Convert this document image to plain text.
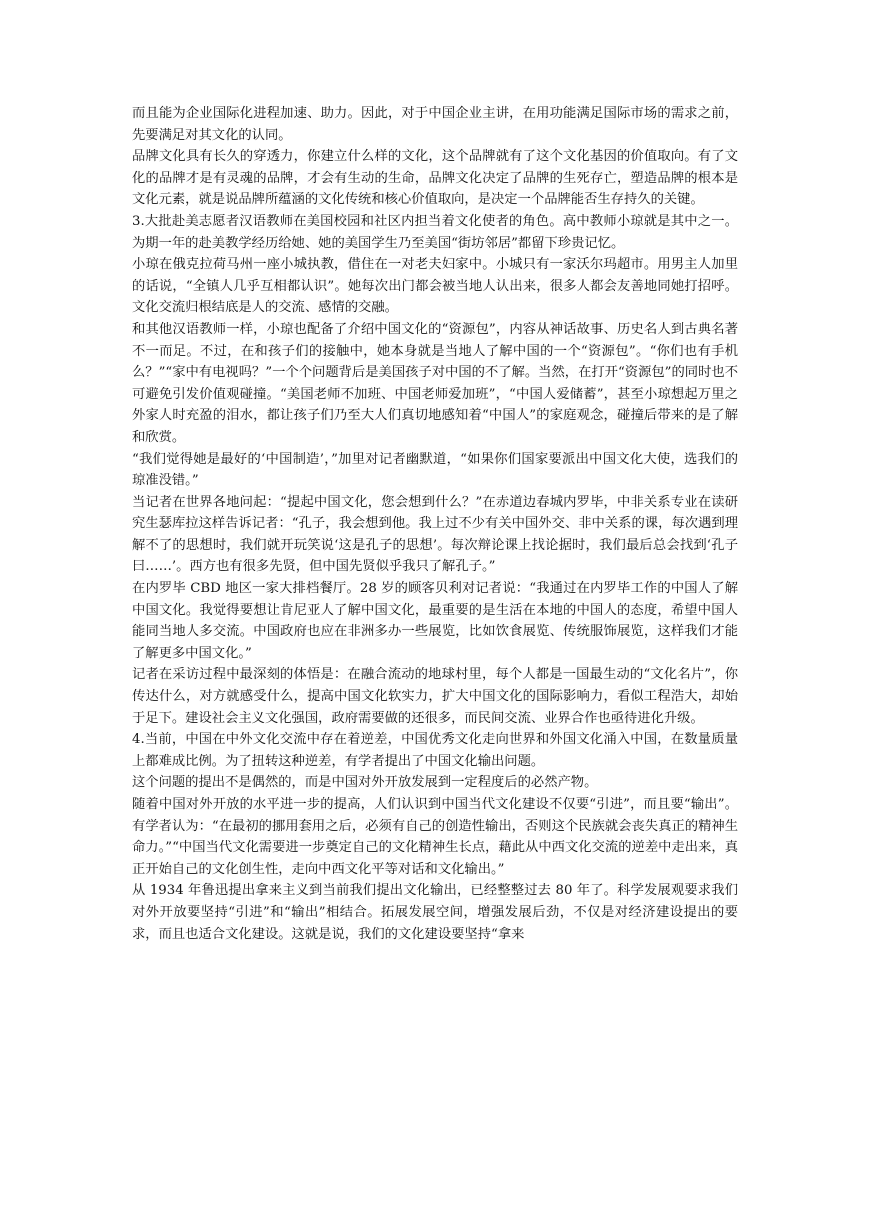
而且能为企业国际化进程加速、助力。因此，对于中国企业主讲，在用功能满足国际市场的需求之前，先要满足对其文化的认同。

品牌文化具有长久的穿透力，你建立什么样的文化，这个品牌就有了这个文化基因的价值取向。有了文化的品牌才是有灵魂的品牌，才会有生动的生命，品牌文化决定了品牌的生死存亡，塑造品牌的根本是文化元素，就是说品牌所蕴涵的文化传统和核心价值取向，是决定一个品牌能否生存持久的关键。

3.大批赴美志愿者汉语教师在美国校园和社区内担当着文化使者的角色。高中教师小琼就是其中之一。为期一年的赴美教学经历给她、她的美国学生乃至美国“街坊邻居”都留下珍贵记忆。

小琼在俄克拉荷马州一座小城执教，借住在一对老夫妇家中。小城只有一家沃尔玛超市。用男主人加里的话说，“全镇人几乎互相都认识”。她每次出门都会被当地人认出来，很多人都会友善地同她打招呼。文化交流归根结底是人的交流、感情的交融。

和其他汉语教师一样，小琼也配备了介绍中国文化的“资源包”，内容从神话故事、历史名人到古典名著不一而足。不过，在和孩子们的接触中，她本身就是当地人了解中国的一个“资源包”。“你们也有手机么？”“家中有电视吗？”一个个问题背后是美国孩子对中国的不了解。当然，在打开“资源包”的同时也不可避免引发价值观碰撞。“美国老师不加班、中国老师爱加班”，“中国人爱储蓄”，甚至小琼想起万里之外家人时充盈的泪水，都让孩子们乃至大人们真切地感知着“中国人”的家庭观念，碰撞后带来的是了解和欣赏。

“我们觉得她是最好的‘中国制造’，”加里对记者幽默道，“如果你们国家要派出中国文化大使，选我们的琼准没错。”

当记者在世界各地问起：“提起中国文化，您会想到什么？”在赤道边春城内罗毕，中非关系专业在读研究生瑟库拉这样告诉记者：“孔子，我会想到他。我上过不少有关中国外交、非中关系的课，每次遇到理解不了的思想时，我们就开玩笑说‘这是孔子的思想’。每次辩论课上找论据时，我们最后总会找到‘孔子曰……’。西方也有很多先贤，但中国先贤似乎我只了解孔子。”

在内罗毕 CBD 地区一家大排档餐厅。28 岁的顾客贝利对记者说：“我通过在内罗毕工作的中国人了解中国文化。我觉得要想让肯尼亚人了解中国文化，最重要的是生活在本地的中国人的态度，希望中国人能同当地人多交流。中国政府也应在非洲多办一些展览，比如饮食展览、传统服饰展览，这样我们才能了解更多中国文化。”

记者在采访过程中最深刻的体悟是：在融合流动的地球村里，每个人都是一国最生动的“文化名片”，你传达什么，对方就感受什么，提高中国文化软实力，扩大中国文化的国际影响力，看似工程浩大，却始于足下。建设社会主义文化强国，政府需要做的还很多，而民间交流、业界合作也亟待进化升级。

4.当前，中国在中外文化交流中存在着逆差，中国优秀文化走向世界和外国文化涌入中国，在数量质量上都难成比例。为了扭转这种逆差，有学者提出了中国文化输出问题。

这个问题的提出不是偶然的，而是中国对外开放发展到一定程度后的必然产物。

随着中国对外开放的水平进一步的提高，人们认识到中国当代文化建设不仅要“引进”，而且要“输出”。有学者认为：“在最初的挪用套用之后，必须有自己的创造性输出，否则这个民族就会丧失真正的精神生命力。”“中国当代文化需要进一步奠定自己的文化精神生长点，藉此从中西文化交流的逆差中走出来，真正开始自己的文化创生性，走向中西文化平等对话和文化输出。”

从 1934 年鲁迅提出拿来主义到当前我们提出文化输出，已经整整过去 80 年了。科学发展观要求我们对外开放要坚持“引进”和“输出”相结合。拓展发展空间，增强发展后劲，不仅是对经济建设提出的要求，而且也适合文化建设。这就是说，我们的文化建设要坚持“拿来
